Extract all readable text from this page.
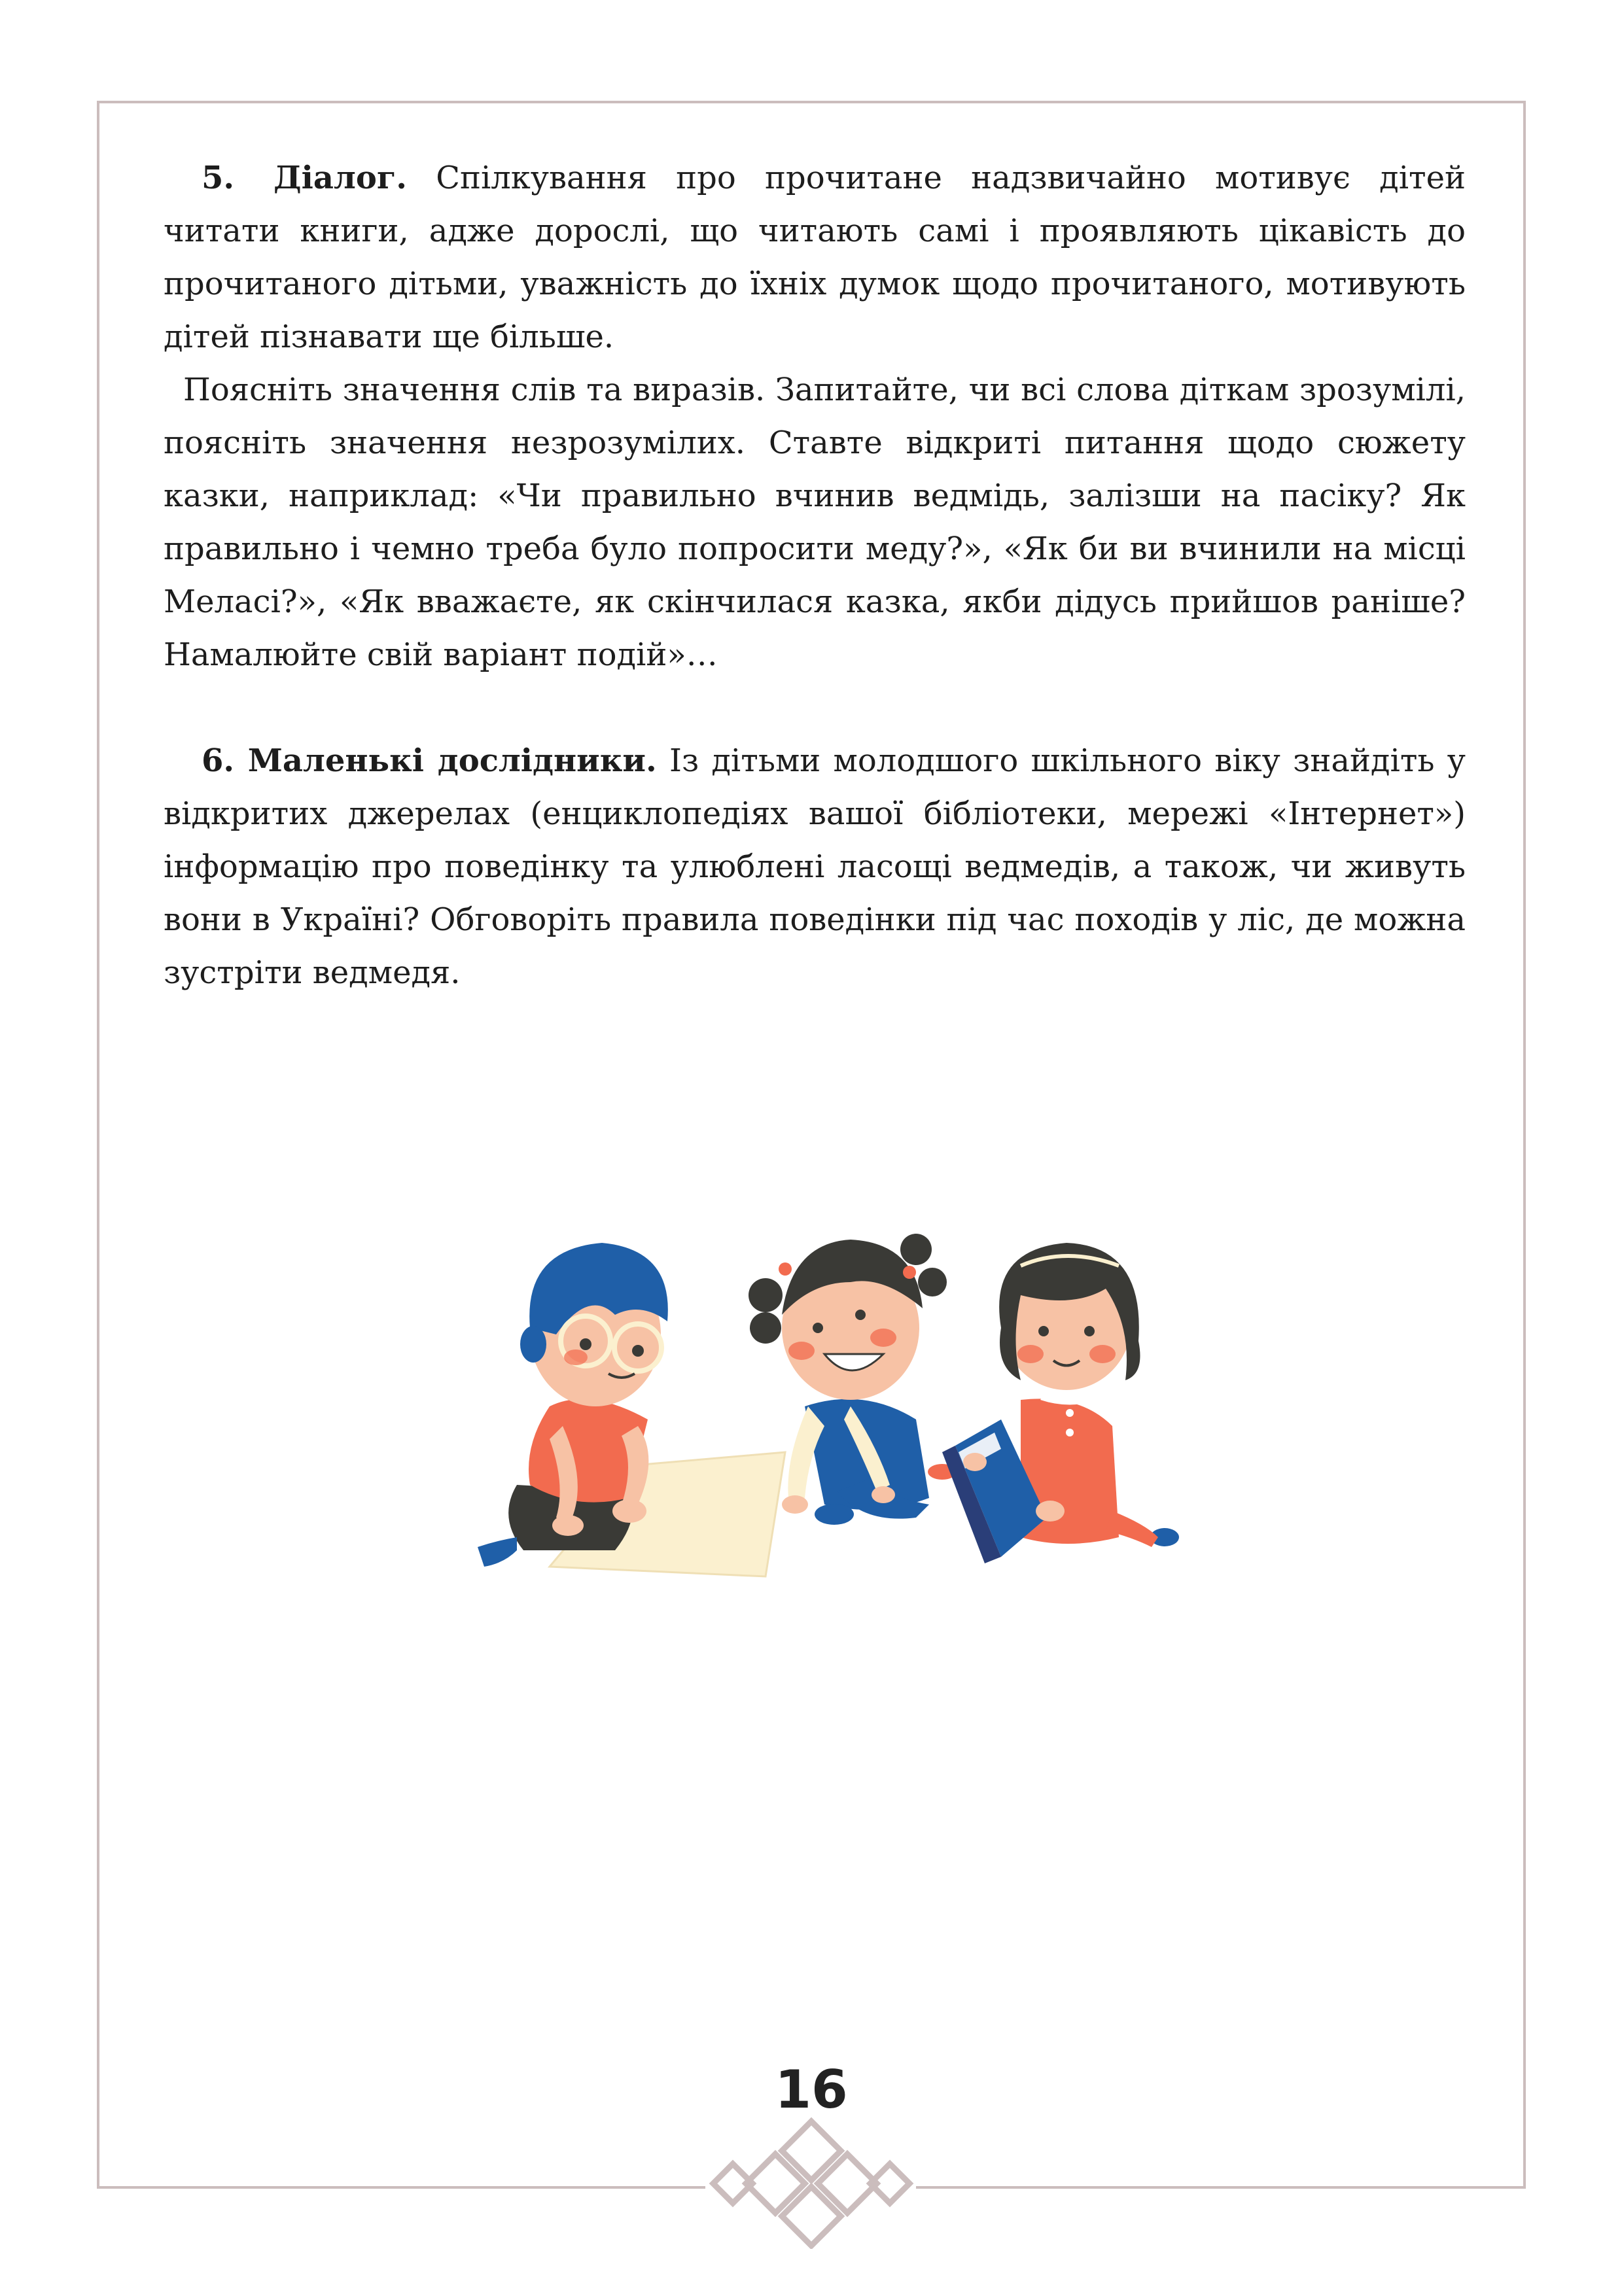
5. Діалог. Спілкування про прочитане надзвичайно мотивує дітей читати книги, адже дорослі, що читають самі і проявляють цікавість до прочитаного дітьми, уважність до їхніх думок щодо прочитаного, мотивують дітей пізнавати ще більше.

Поясніть значення слів та виразів. Запитайте, чи всі слова діткам зрозумілі, поясніть значення незрозумілих. Ставте відкриті питання щодо сюжету казки, наприклад: «Чи правильно вчинив ведмідь, залізши на пасіку? Як правильно і чемно треба було попросити меду?», «Як би ви вчинили на місці Меласі?», «Як вважаєте, як скінчилася казка, якби дідусь прийшов раніше? Намалюйте свій варіант подій»…

6. Маленькі дослідники. Із дітьми молодшого шкільного віку знайдіть у відкритих джерелах (енциклопедіях вашої бібліотеки, мережі «Інтернет») інформацію про поведінку та улюблені ласощі ведмедів, а також, чи живуть вони в Україні? Обговоріть правила поведінки під час походів у ліс, де можна зустріти ведмедя.

16
